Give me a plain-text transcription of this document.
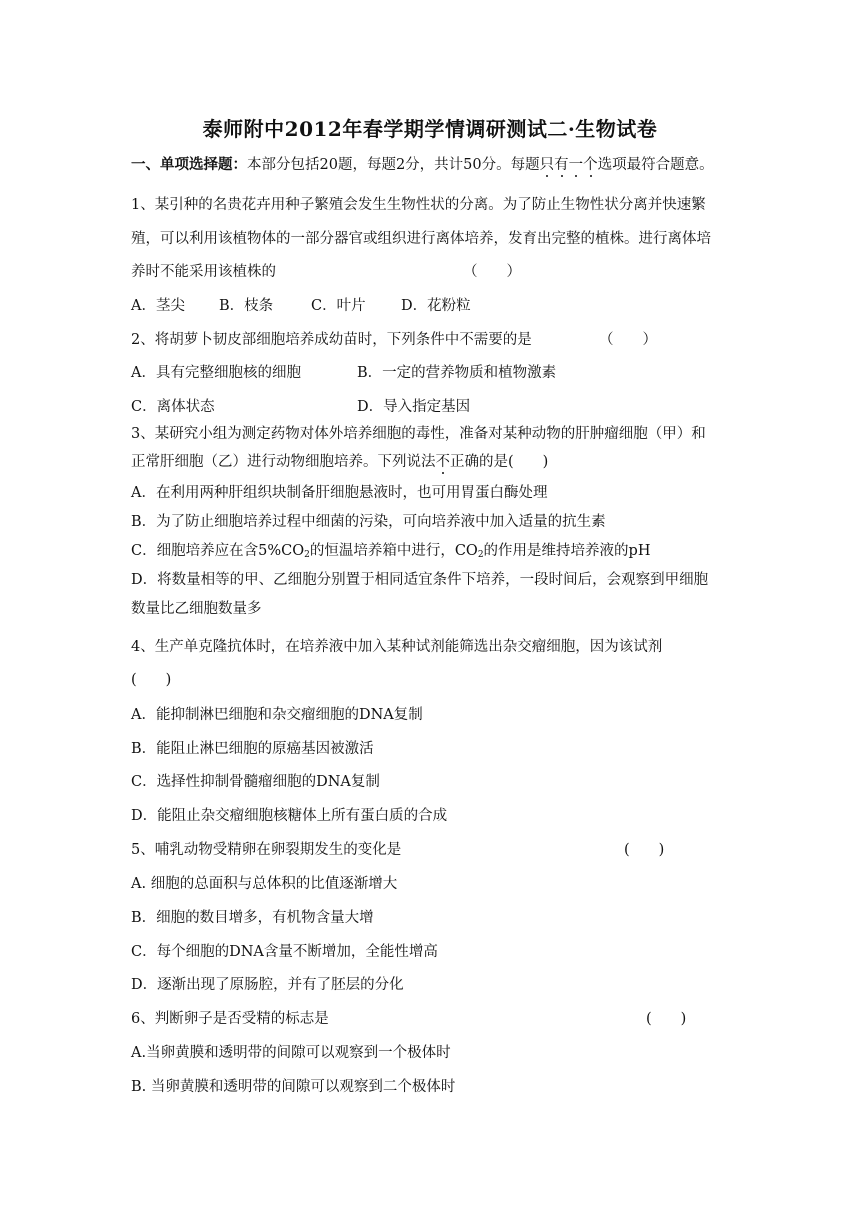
泰师附中2012年春学期学情调研测试二·生物试卷
一、单项选择题：本部分包括20题，每题2分，共计50分。每题只有一个选项最符合题意。
1、某引种的名贵花卉用种子繁殖会发生生物性状的分离。为了防止生物性状分离并快速繁
殖，可以利用该植物体的一部分器官或组织进行离体培养，发育出完整的植株。进行离体培
养时不能采用该植株的	（　　）
A．茎尖 B．枝条	C．叶片 D．花粉粒
2、将胡萝卜韧皮部细胞培养成幼苗时，下列条件中不需要的是	（　　）
A．具有完整细胞核的细胞	B．一定的营养物质和植物激素
C．离体状态	D．导入指定基因
3、某研究小组为测定药物对体外培养细胞的毒性，准备对某种动物的肝肿瘤细胞（甲）和
正常肝细胞（乙）进行动物细胞培养。下列说法不正确的是(　　)
A．在利用两种肝组织块制备肝细胞悬液时，也可用胃蛋白酶处理
B．为了防止细胞培养过程中细菌的污染，可向培养液中加入适量的抗生素
C．细胞培养应在含$5\%CO_2$的恒温培养箱中进行，$CO_2$的作用是维持培养液的pH
D．将数量相等的甲、乙细胞分别置于相同适宜条件下培养，一段时间后，会观察到甲细胞
数量比乙细胞数量多
4、生产单克隆抗体时，在培养液中加入某种试剂能筛选出杂交瘤细胞，因为该试剂
(　　)
A．能抑制淋巴细胞和杂交瘤细胞的DNA复制
B．能阻止淋巴细胞的原癌基因被激活
C．选择性抑制骨髓瘤细胞的DNA复制
D．能阻止杂交瘤细胞核糖体上所有蛋白质的合成
5、哺乳动物受精卵在卵裂期发生的变化是	(　　)
A. 细胞的总面积与总体积的比值逐渐增大
B．细胞的数目增多，有机物含量大增
C．每个细胞的DNA含量不断增加，全能性增高
D．逐渐出现了原肠腔，并有了胚层的分化
6、判断卵子是否受精的标志是	(　　)
A.当卵黄膜和透明带的间隙可以观察到一个极体时
B. 当卵黄膜和透明带的间隙可以观察到二个极体时
